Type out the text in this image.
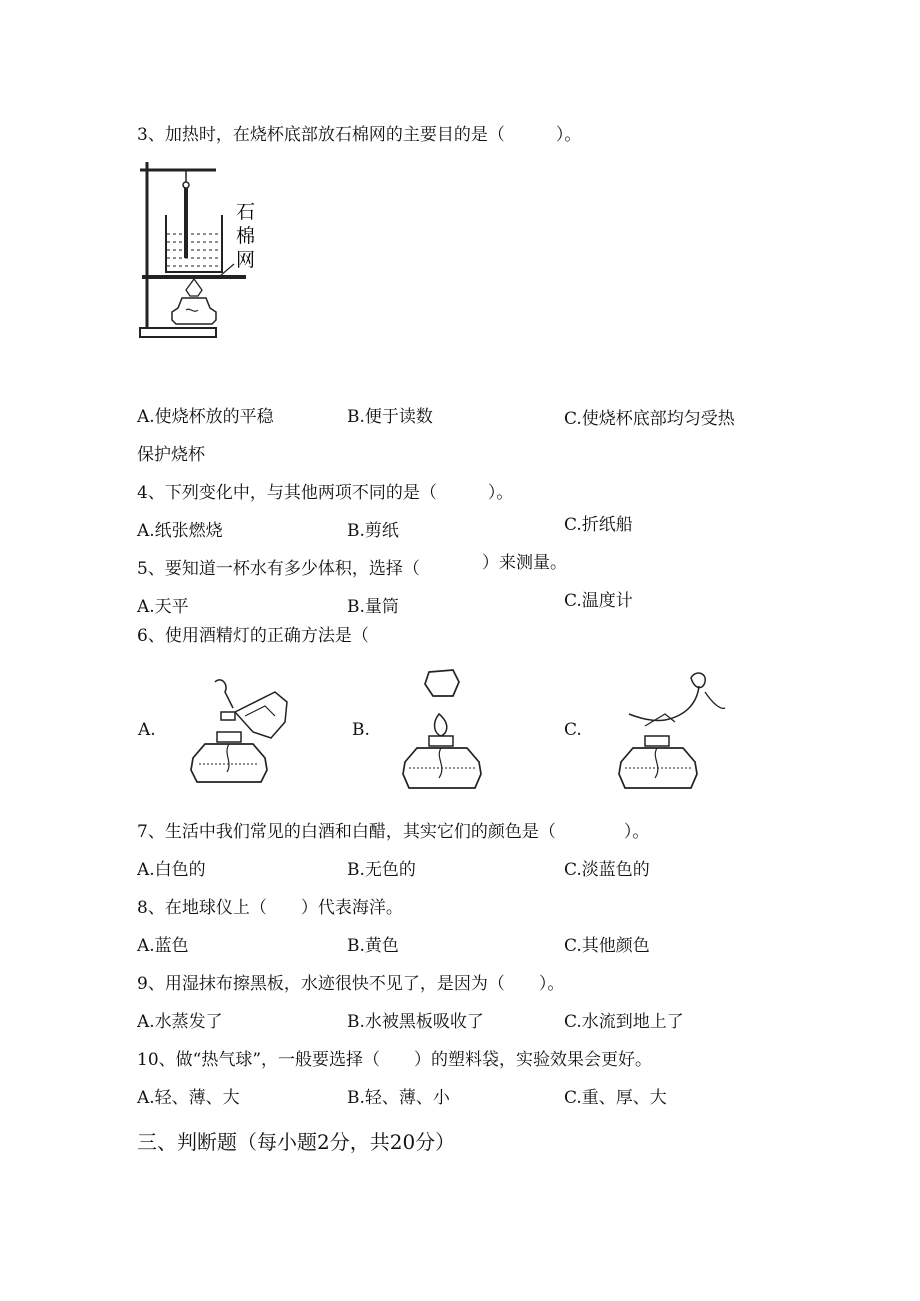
3、加热时，在烧杯底部放石棉网的主要目的是（　　　）。
石
棉
网
A.使烧杯放的平稳	B.便于读数	C.使烧杯底部均匀受热
保护烧杯
4、下列变化中，与其他两项不同的是（　　　）。
A.纸张燃烧	B.剪纸	C.折纸船
5、要知道一杯水有多少体积，选择（	）来测量。
A.天平	B.量筒	C.温度计
6、使用酒精灯的正确方法是（
A.	B.	C.
7、生活中我们常见的白酒和白醋，其实它们的颜色是（　　　　）。
A.白色的	B.无色的	C.淡蓝色的
8、在地球仪上（　　）代表海洋。
A.蓝色	B.黄色	C.其他颜色
9、用湿抹布擦黑板，水迹很快不见了，是因为（　　）。
A.水蒸发了	B.水被黑板吸收了	C.水流到地上了
10、做“热气球”，一般要选择（　　）的塑料袋，实验效果会更好。
A.轻、薄、大	B.轻、薄、小	C.重、厚、大
三、判断题（每小题2分，共20分）
